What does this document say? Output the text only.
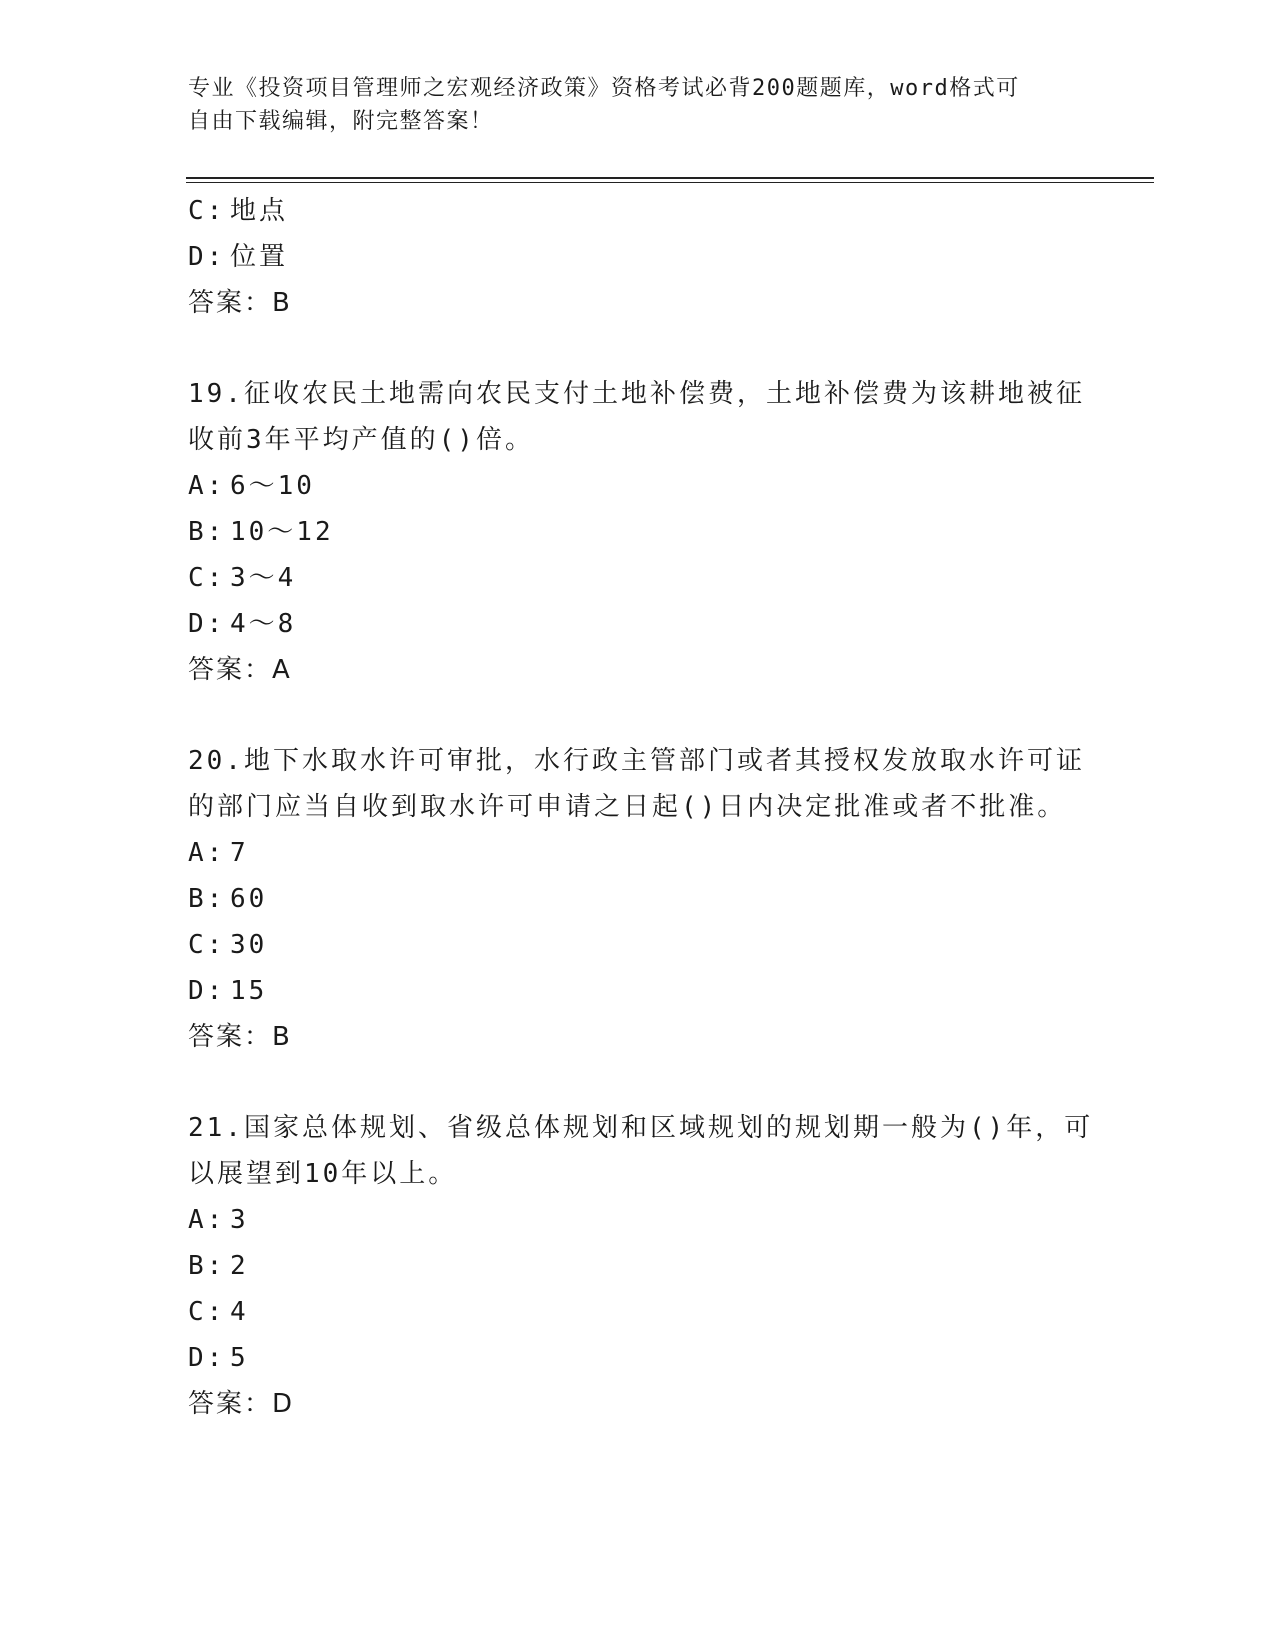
专业《投资项目管理师之宏观经济政策》资格考试必背200题题库，word格式可
自由下载编辑，附完整答案！
C: 地点
D: 位置
答案：B
19.征收农民土地需向农民支付土地补偿费，土地补偿费为该耕地被征
收前3年平均产值的()倍。
A: 6～10
B: 10～12
C: 3～4
D: 4～8
答案：A
20.地下水取水许可审批，水行政主管部门或者其授权发放取水许可证
的部门应当自收到取水许可申请之日起()日内决定批准或者不批准。
A: 7
B: 60
C: 30
D: 15
答案：B
21.国家总体规划、省级总体规划和区域规划的规划期一般为()年，可
以展望到10年以上。
A: 3
B: 2
C: 4
D: 5
答案：D
